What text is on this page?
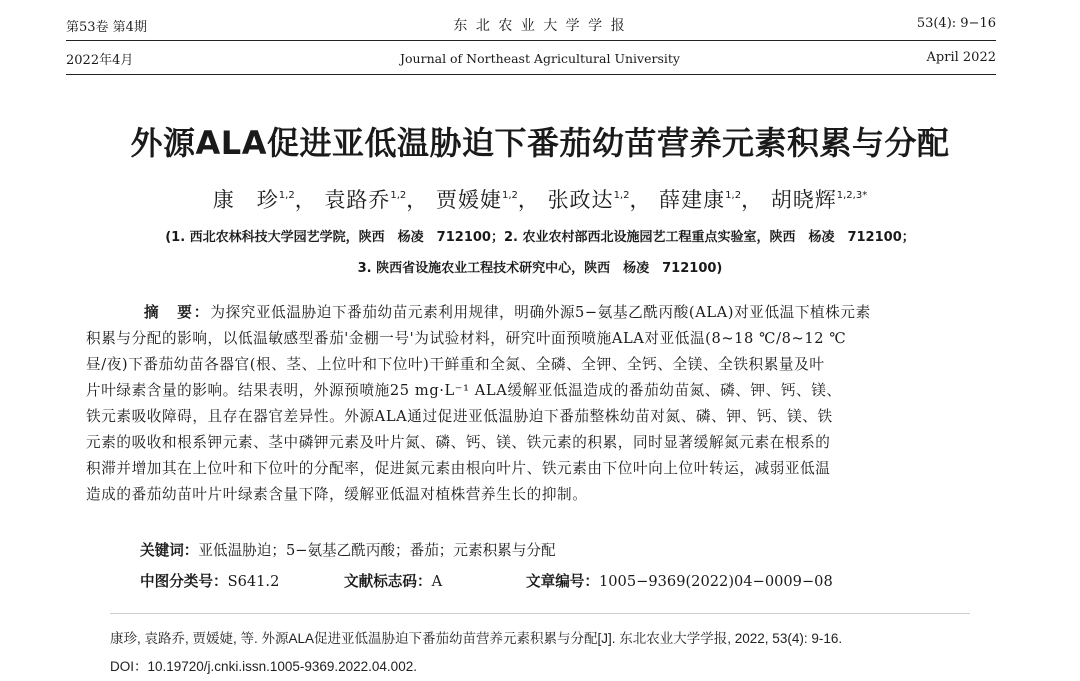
第53卷 第4期	东 北 农 业 大 学 学 报	53(4): 9−16
2022年4月	Journal of Northeast Agricultural University	April 2022
外源ALA促进亚低温胁迫下番茄幼苗营养元素积累与分配
康　珍$^{1,2}$， 袁路乔$^{1,2}$， 贾媛婕$^{1,2}$， 张政达$^{1,2}$， 薛建康$^{1,2}$， 胡晓辉$^{1,2,3*}$
(1. 西北农林科技大学园艺学院，陕西　杨凌　712100；2. 农业农村部西北设施园艺工程重点实验室，陕西　杨凌　712100；
3. 陕西省设施农业工程技术研究中心，陕西　杨凌　712100)
摘　要：为探究亚低温胁迫下番茄幼苗元素利用规律，明确外源5−氨基乙酰丙酸(ALA)对亚低温下植株元素
积累与分配的影响，以低温敏感型番茄'金棚一号'为试验材料，研究叶面预喷施ALA对亚低温(8~18 ℃/8~12 ℃
昼/夜)下番茄幼苗各器官(根、茎、上位叶和下位叶)干鲜重和全氮、全磷、全钾、全钙、全镁、全铁积累量及叶
片叶绿素含量的影响。结果表明，外源预喷施25 mg·L⁻¹ ALA缓解亚低温造成的番茄幼苗氮、磷、钾、钙、镁、
铁元素吸收障碍，且存在器官差异性。外源ALA通过促进亚低温胁迫下番茄整株幼苗对氮、磷、钾、钙、镁、铁
元素的吸收和根系钾元素、茎中磷钾元素及叶片氮、磷、钙、镁、铁元素的积累，同时显著缓解氮元素在根系的
积滞并增加其在上位叶和下位叶的分配率，促进氮元素由根向叶片、铁元素由下位叶向上位叶转运，减弱亚低温
造成的番茄幼苗叶片叶绿素含量下降，缓解亚低温对植株营养生长的抑制。
关键词：亚低温胁迫；5−氨基乙酰丙酸；番茄；元素积累与分配
中图分类号：S641.2	文献标志码：A	文章编号：1005−9369(2022)04−0009−08
康珍, 袁路乔, 贾媛婕, 等. 外源ALA促进亚低温胁迫下番茄幼苗营养元素积累与分配[J]. 东北农业大学学报, 2022, 53(4): 9-16.
DOI：10.19720/j.cnki.issn.1005-9369.2022.04.002.
